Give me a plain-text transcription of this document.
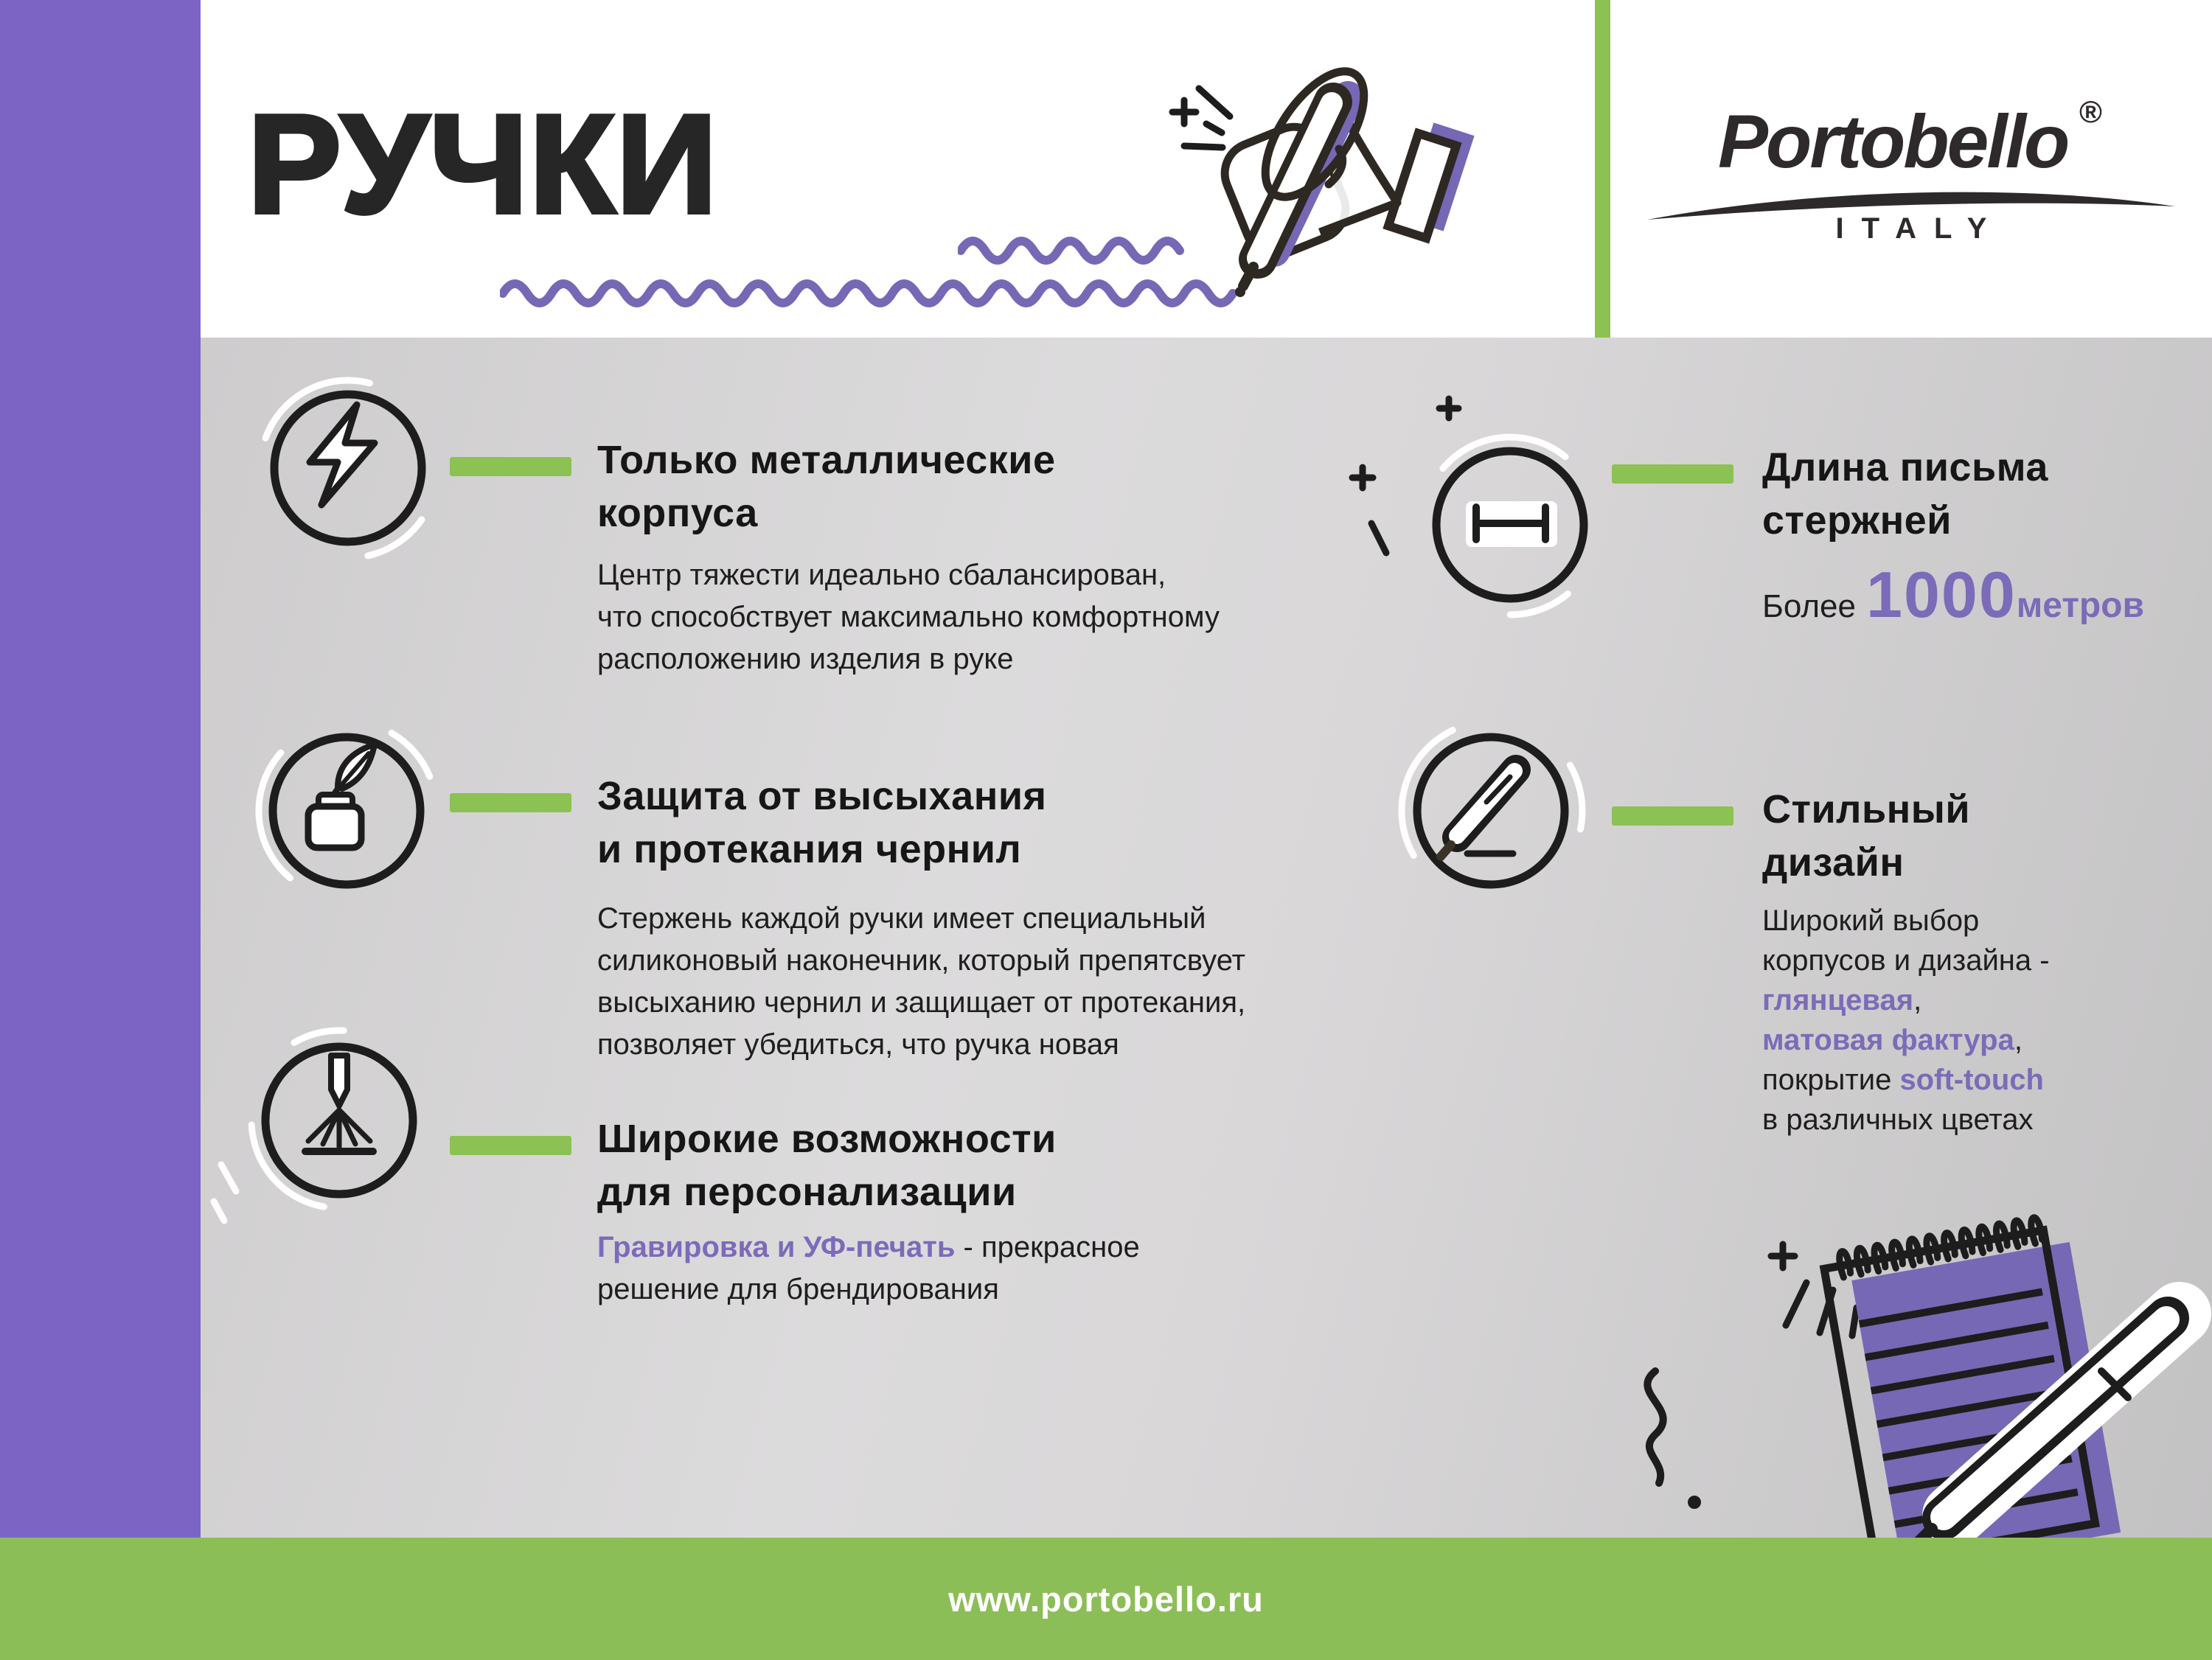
РУЧКИ	Portobello ®
ITALY
Только металлические
корпуса
Центр тяжести идеально сбалансирован,
что способствует максимально комфортному
расположению изделия в руке
Защита от высыхания
и протекания чернил
Стержень каждой ручки имеет специальный
силиконовый наконечник, который препятсвует
высыханию чернил и защищает от протекания,
позволяет убедиться, что ручка новая
Широкие возможности
для персонализации
Гравировка и УФ-печать - прекрасное
решение для брендирования
Длина письма
стержней
Более 1000 метров
Стильный
дизайн
Широкий выбор
корпусов и дизайна -
глянцевая,
матовая фактура,
покрытие soft-touch
в различных цветах
www.portobello.ru
